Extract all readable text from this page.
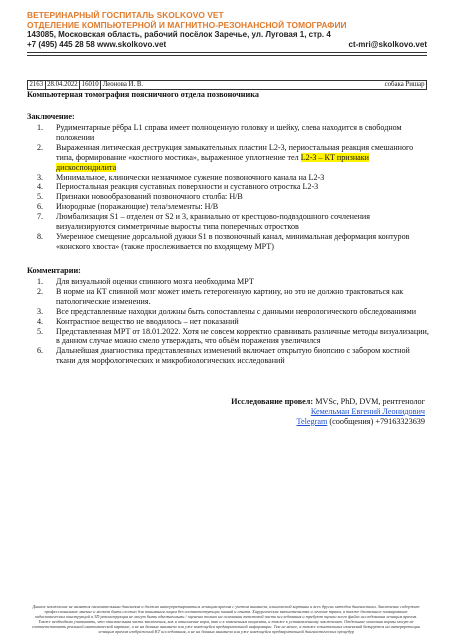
ВЕТЕРИНАРНЫЙ ГОСПИТАЛЬ SKOLKOVO VET
ОТДЕЛЕНИЕ КОМПЬЮТЕРНОЙ И МАГНИТНО-РЕЗОНАНСНОЙ ТОМОГРАФИИ
143085, Московская область, рабочий посёлок Заречье, ул. Луговая 1, стр. 4
+7 (495) 445 28 58 www.skolkovo.vet	ct-mri@skolkovo.vet
2163 28.04.2022 16010 Леонова И. В.	собака Ришар
Компьютерная томография поясничного отдела позвоночника
Заключение:
1. Рудиментарные рёбра L1 справа имеет полноценную головку и шейку, слева находится в свободном положении
2. Выраженная литическая деструкция замыкательных пластин L2-3, периостальная реакция смешанного типа, формирование «костного мостика», выраженное уплотнение тел L2-3 – КТ признаки дискоспондилита
3. Минимальное, клинически незначимое сужение позвоночного канала на L2-3
4. Периостальная реакция суставных поверхности и суставного отростка L2-3
5. Признаки новообразований позвоночного столба: Н/В
6. Инородные (поражающие) тела/элементы: Н/В
7. Люмбализация S1 – отделен от S2 и 3, краниально от крестцово-подвздошного сочленения визуализируются симметричные выросты типа поперечных отростков
8. Умеренное смещение дорсальной дужки S1 в позвоночный канал, минимальная деформация контуров «конского хвоста» (также прослеживается по входящему МРТ)
Комментарии:
1. Для визуальной оценки спинного мозга необходима МРТ
2. В норме на КТ спинной мозг может иметь гетерогенную картину, но это не должно трактоваться как патологические изменения.
3. Все представленные находки должны быть сопоставлены с данными неврологического обследованиями
4. Контрастное вещество не вводилось – нет показаний
5. Представленная МРТ от 18.01.2022. Хотя не совсем корректно сравнивать различные методы визуализации, в данном случае можно смело утверждать, что объём поражения увеличился
6. Дальнейшая диагностика представленных изменений включает открытую биопсию с забором костной ткани для морфологических и микробиологических исследований
Исследование провел: MVSc, PhD, DVM, рентгенолог
Кемельман Евгений Леонидович
Telegram (сообщения) +79163323639
Данное заключение не является окончательным диагнозом и должно интерпретироваться лечащим врачом с учетом анамнеза, клинической картины и всех других методов диагностики. Заключение содержит профессиональное мнение и может быть сложно для понимания лицам без соответствующих знаний и опыта. Хирургические вмешательства и лечение травм, а также длительное планирование эндоскопических конструкций и 3D реконструкция не могут быть однозначными / оценены только на основании текстовой части исследования и требуют оценки всего файла исследования лечащим врачом. Также необходимо учитывать, что описательная часть заключения, как и отношение норм, так и к изменениям пациента, а также к установленному заключению. Отдельные описания нормы могут не соответствовать реальной анатомической картине, и не на данных анамнеза или уже имеющейся предварительной информации. Тем не менее, а также сознательных изменений базируется на интерпретации лечащим врачом изображений КТ исследования, а не на данных анамнеза или уже имеющейся предварительной диагностических процедур
